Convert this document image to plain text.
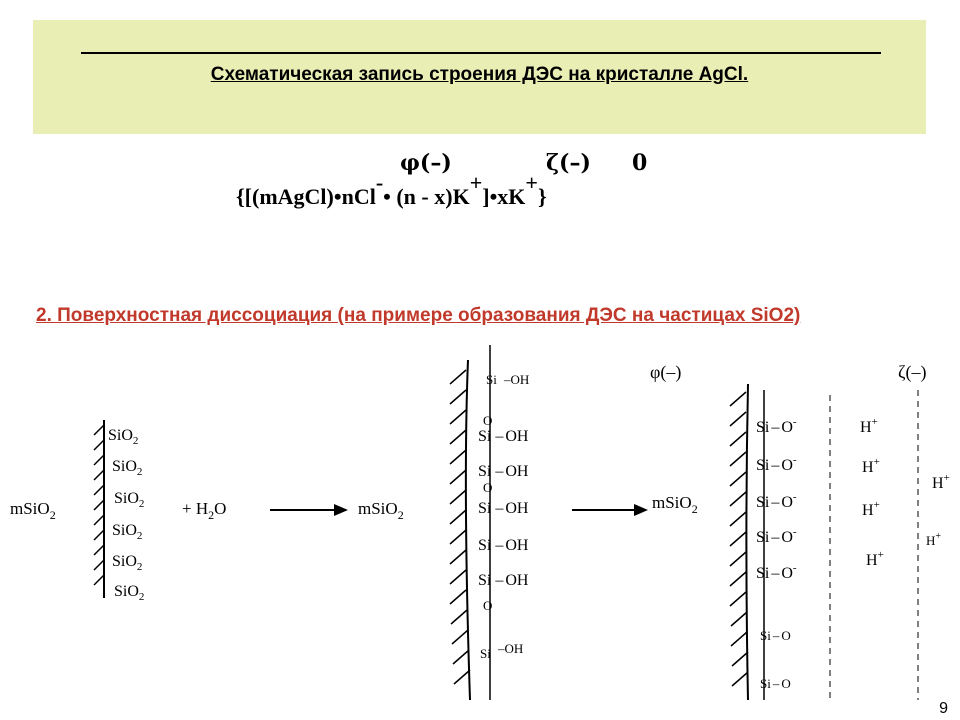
Схематическая запись строения ДЭС на кристалле AgCl.
φ(–)	ζ(–) 0
{[(mAgCl)•nCl-• (n - x)K+]•xK+}
2. Поверхностная диссоциация (на примере образования ДЭС на частицах SiO2)
mSiO$_2$
SiO$_2$
SiO$_2$
SiO$_2$
SiO$_2$
SiO$_2$
SiO$_2$
+ $H_2O$	mSiO$_2$
Si –OH
O
Si – OH
Si – OH
O
Si – OH
Si – OH
Si – OH
O
Si –OH
mSiO$_2$
φ(–)	ζ(–)
Si – O-
Si – O-
Si – O-
Si – O-
Si – O-
Si – O
Si – O
H+
H+
H+
H+
H+
H+
9
